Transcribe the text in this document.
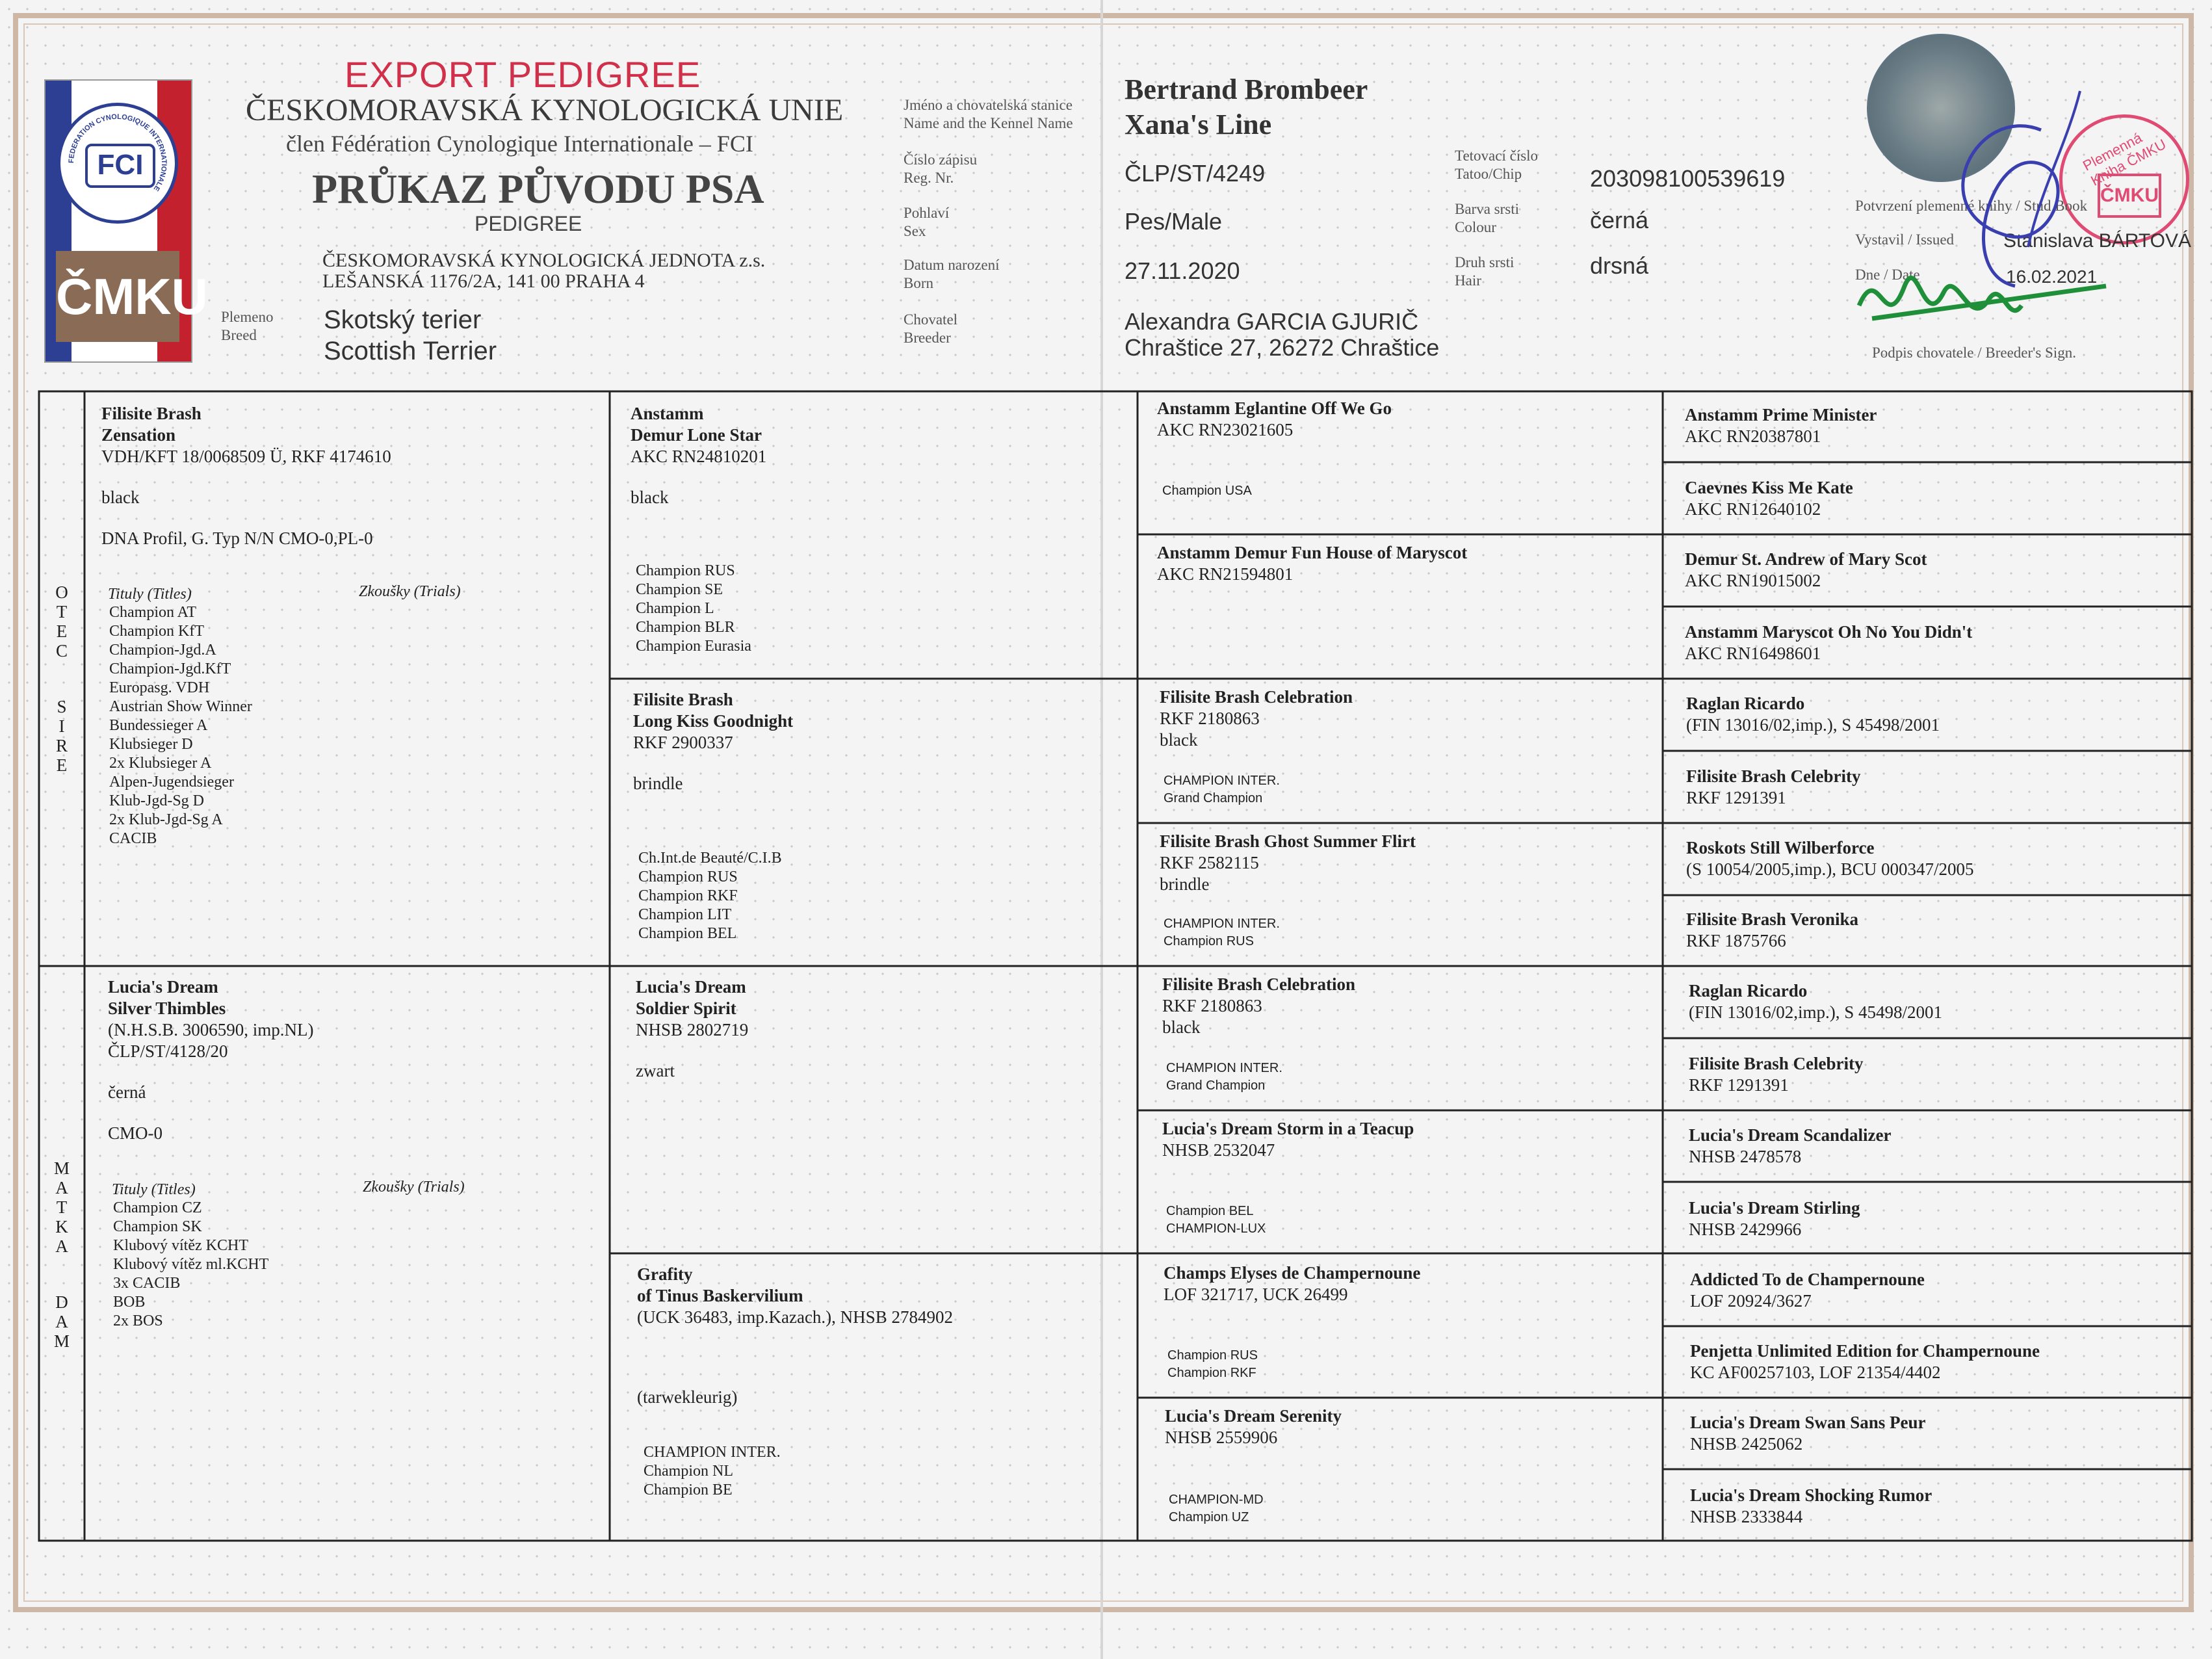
FEDERATION CYNOLOGIQUE INTERNATIONALE
FCI
ČMKU
EXPORT PEDIGREE
ČESKOMORAVSKÁ KYNOLOGICKÁ UNIE
člen Fédération Cynologique Internationale – FCI
PRŮKAZ PŮVODU PSA
PEDIGREE
ČESKOMORAVSKÁ KYNOLOGICKÁ JEDNOTA z.s.
LEŠANSKÁ 1176/2A, 141 00 PRAHA 4
Plemeno
Breed
Skotský terier
Scottish Terrier
Jméno a chovatelská stanice
Name and the Kennel Name
Číslo zápisu
Reg. Nr.
Pohlaví
Sex
Datum narození
Born
Chovatel
Breeder
Bertrand Brombeer
Xana's Line
ČLP/ST/4249
Pes/Male
27.11.2020
Alexandra GARCIA GJURIČ
Chraštice 27, 26272 Chraštice
Tetovací číslo
Tatoo/Chip
Barva srsti
Colour
Druh srsti
Hair
203098100539619
černá
drsná
Plemenná Kniha ČMKU
ČMKU
Potvrzení plemenné knihy / Stud Book
Vystavil / Issued	Stanislava BÁRTOVÁ
Dne / Date	16.02.2021
Podpis chovatele / Breeder's Sign.
O
T
E
C
S
I
R
E
M
A
T
K
A
D
A
M
Filisite Brash
Zensation
VDH/KFT 18/0068509 Ü, RKF 4174610
black
DNA Profil, G. Typ N/N CMO-0,PL-0
Tituly (Titles)	Zkoušky (Trials)
Champion AT
Champion KfT
Champion-Jgd.A
Champion-Jgd.KfT
Europasg. VDH
Austrian Show Winner
Bundessieger A
Klubsieger D
2x Klubsieger A
Alpen-Jugendsieger
Klub-Jgd-Sg D
2x Klub-Jgd-Sg A
CACIB
Lucia's Dream
Silver Thimbles
(N.H.S.B. 3006590, imp.NL)
ČLP/ST/4128/20
černá
CMO-0
Tituly (Titles)	Zkoušky (Trials)
Champion CZ
Champion SK
Klubový vítěz KCHT
Klubový vítěz ml.KCHT
3x CACIB
BOB
2x BOS
Anstamm
Demur Lone Star
AKC RN24810201
black
Champion RUS
Champion SE
Champion L
Champion BLR
Champion Eurasia
Filisite Brash
Long Kiss Goodnight
RKF 2900337
brindle
Ch.Int.de Beauté/C.I.B
Champion RUS
Champion RKF
Champion LIT
Champion BEL
Lucia's Dream
Soldier Spirit
NHSB 2802719
zwart
Grafity
of Tinus Baskervilium
(UCK 36483, imp.Kazach.), NHSB 2784902
(tarwekleurig)
CHAMPION INTER.
Champion NL
Champion BE
Anstamm Eglantine Off We Go
AKC RN23021605
Champion USA
Anstamm Demur Fun House of Maryscot
AKC RN21594801
Filisite Brash Celebration
RKF 2180863
black
CHAMPION INTER.
Grand Champion
Filisite Brash Ghost Summer Flirt
RKF 2582115
brindle
CHAMPION INTER.
Champion RUS
Filisite Brash Celebration
RKF 2180863
black
CHAMPION INTER.
Grand Champion
Lucia's Dream Storm in a Teacup
NHSB 2532047
Champion BEL
CHAMPION-LUX
Champs Elyses de Champernoune
LOF 321717, UCK 26499
Champion RUS
Champion RKF
Lucia's Dream Serenity
NHSB 2559906
CHAMPION-MD
Champion UZ
Anstamm Prime Minister
AKC RN20387801
Caevnes Kiss Me Kate
AKC RN12640102
Demur St. Andrew of Mary Scot
AKC RN19015002
Anstamm Maryscot Oh No You Didn't
AKC RN16498601
Raglan Ricardo
(FIN 13016/02,imp.), S 45498/2001
Filisite Brash Celebrity
RKF 1291391
Roskots Still Wilberforce
(S 10054/2005,imp.), BCU 000347/2005
Filisite Brash Veronika
RKF 1875766
Raglan Ricardo
(FIN 13016/02,imp.), S 45498/2001
Filisite Brash Celebrity
RKF 1291391
Lucia's Dream Scandalizer
NHSB 2478578
Lucia's Dream Stirling
NHSB 2429966
Addicted To de Champernoune
LOF 20924/3627
Penjetta Unlimited Edition for Champernoune
KC AF00257103, LOF 21354/4402
Lucia's Dream Swan Sans Peur
NHSB 2425062
Lucia's Dream Shocking Rumor
NHSB 2333844
